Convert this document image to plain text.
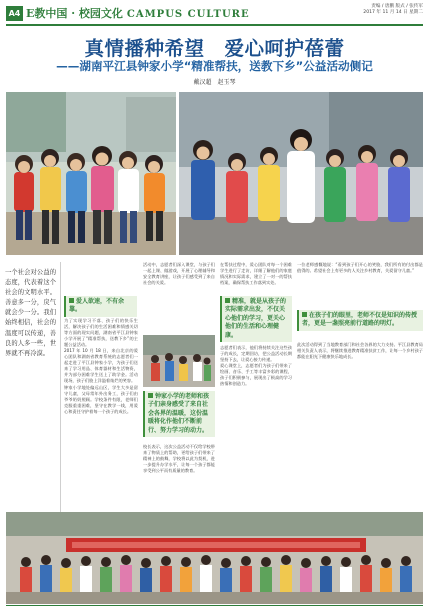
A4 E教中国 · 校园文化 CAMPUS CULTURE
责编 / 唐鹏 版式 / 张传军
2017 年 11 月 14 日 星期二
真情播种希望　爱心呵护蓓蕾
——湖南平江县钟家小学“精准帮扶，送教下乡”公益活动侧记
戴汉超　赵玉琴
一个社会对公益的态度，代表着这个社会的文明水平。善意多一分，戾气就会少一分。我们始终相信，社会的温度可以传递，善良的人多一些，世界就不再冷漠。
爱人欲速，不有余靠。

为了实现学习不落、孩子们的快乐生活，解决孩子们的生活困难和情感关切等方面的现实问题，湖南省平江县钟家小学开展了“精准帮扶，送教下乡”的主题公益活动。

2017 年 10 月 18 日，来自北京的爱心团队和湖南省教育系统的志愿者们一起走进了平江县钟家小学，为孩子们送来了学习用品、体育器材和生活物资，并为部分困难学生送上了助学金。活动现场，孩子们脸上洋溢着灿烂的笑容。

钟家小学地处偏远山区，学生大多是留守儿童，父母常年外出务工，孩子们由爷爷奶奶照顾。学校条件有限，老师们克服重重困难，坚守在教学一线，用爱心和责任守护着每一个孩子的成长。

活动中，志愿者们深入课堂，与孩子们一起上课、做游戏，开展了心理辅导和安全教育讲座，让孩子们感受到了来自社会的关爱。

钟家小学的老师和孩子们亲身感受了来自社会各界的温暖，这份温暖将化作他们不断前行、努力学习的动力。

校长表示，这次公益活动不仅给学校带来了物质上的帮助，更给孩子们带来了精神上的鼓舞，学校将以此为契机，进一步提升办学水平，让每一个孩子都能享受到公平而有质量的教育。

在帮扶过程中，爱心团队对每一个困难学生进行了走访，详细了解他们的家庭情况和实际需求，建立了一对一的帮扶档案，确保帮扶工作落到实处。

精准，就是从孩子的实际需求出发，不仅关心他们的学习，更关心他们的生活和心理健康。

志愿者们表示，他们将持续关注这些孩子的成长，定期回访，把公益活动长期坚持下去，让爱心接力传递。

爱心课堂上，志愿者们为孩子们带来了绘画、音乐、手工等丰富多彩的课程，孩子们积极参与，展现出了极高的学习热情和创造力。

一位老师感慨地说：“看到孩子们开心的笑脸，我们所有的付出都是值得的。希望社会上有更多的人关注乡村教育，关爱留守儿童。”

在孩子们的眼里，老师不仅是知识的传授者，更是一盏照亮前行道路的明灯。

此次活动得到了当地教育部门和社会各界的大力支持。平江县教育局相关负责人表示，将继续推进教育精准扶贫工作，让每一个乡村孩子都能在阳光下健康快乐地成长。
